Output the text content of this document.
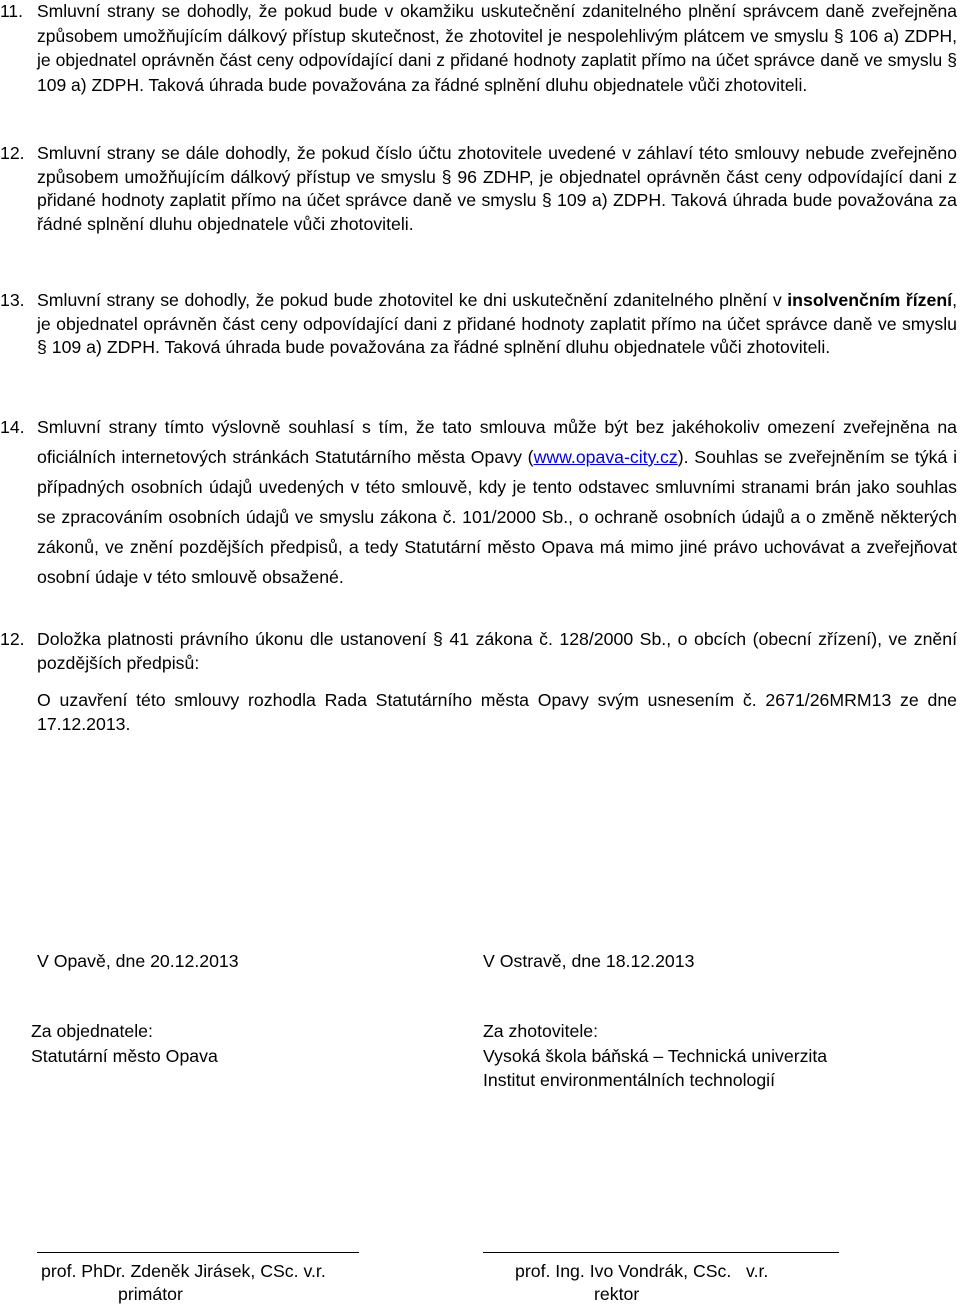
11. Smluvní strany se dohodly, že pokud bude v okamžiku uskutečnění zdanitelného plnění správcem daně zveřejněna způsobem umožňujícím dálkový přístup skutečnost, že zhotovitel je nespolehlivým plátcem ve smyslu § 106 a) ZDPH, je objednatel oprávněn část ceny odpovídající dani z přidané hodnoty zaplatit přímo na účet správce daně ve smyslu § 109 a) ZDPH. Taková úhrada bude považována za řádné splnění dluhu objednatele vůči zhotoviteli.
12. Smluvní strany se dále dohodly, že pokud číslo účtu zhotovitele uvedené v záhlaví této smlouvy nebude zveřejněno způsobem umožňujícím dálkový přístup ve smyslu § 96 ZDHP, je objednatel oprávněn část ceny odpovídající dani z přidané hodnoty zaplatit přímo na účet správce daně ve smyslu § 109 a) ZDPH. Taková úhrada bude považována za řádné splnění dluhu objednatele vůči zhotoviteli.
13. Smluvní strany se dohodly, že pokud bude zhotovitel ke dni uskutečnění zdanitelného plnění v insolvenčním řízení, je objednatel oprávněn část ceny odpovídající dani z přidané hodnoty zaplatit přímo na účet správce daně ve smyslu § 109 a) ZDPH. Taková úhrada bude považována za řádné splnění dluhu objednatele vůči zhotoviteli.
14. Smluvní strany tímto výslovně souhlasí s tím, že tato smlouva může být bez jakéhokoliv omezení zveřejněna na oficiálních internetových stránkách Statutárního města Opavy (www.opava-city.cz). Souhlas se zveřejněním se týká i případných osobních údajů uvedených v této smlouvě, kdy je tento odstavec smluvními stranami brán jako souhlas se zpracováním osobních údajů ve smyslu zákona č. 101/2000 Sb., o ochraně osobních údajů a o změně některých zákonů, ve znění pozdějších předpisů, a tedy Statutární město Opava má mimo jiné právo uchovávat a zveřejňovat osobní údaje v této smlouvě obsažené.
12. Doložka platnosti právního úkonu dle ustanovení § 41 zákona č. 128/2000 Sb., o obcích (obecní zřízení), ve znění pozdějších předpisů:
O uzavření této smlouvy rozhodla Rada Statutárního města Opavy svým usnesením č. 2671/26MRM13 ze dne 17.12.2013.
V Opavě, dne 20.12.2013
Za objednatele:
Statutární město Opava
prof. PhDr. Zdeněk Jirásek, CSc. v.r.
primátor
V Ostravě, dne 18.12.2013
Za zhotovitele:
Vysoká škola báňská – Technická univerzita
Institut environmentálních technologií
prof. Ing. Ivo Vondrák, CSc.   v.r.
rektor
